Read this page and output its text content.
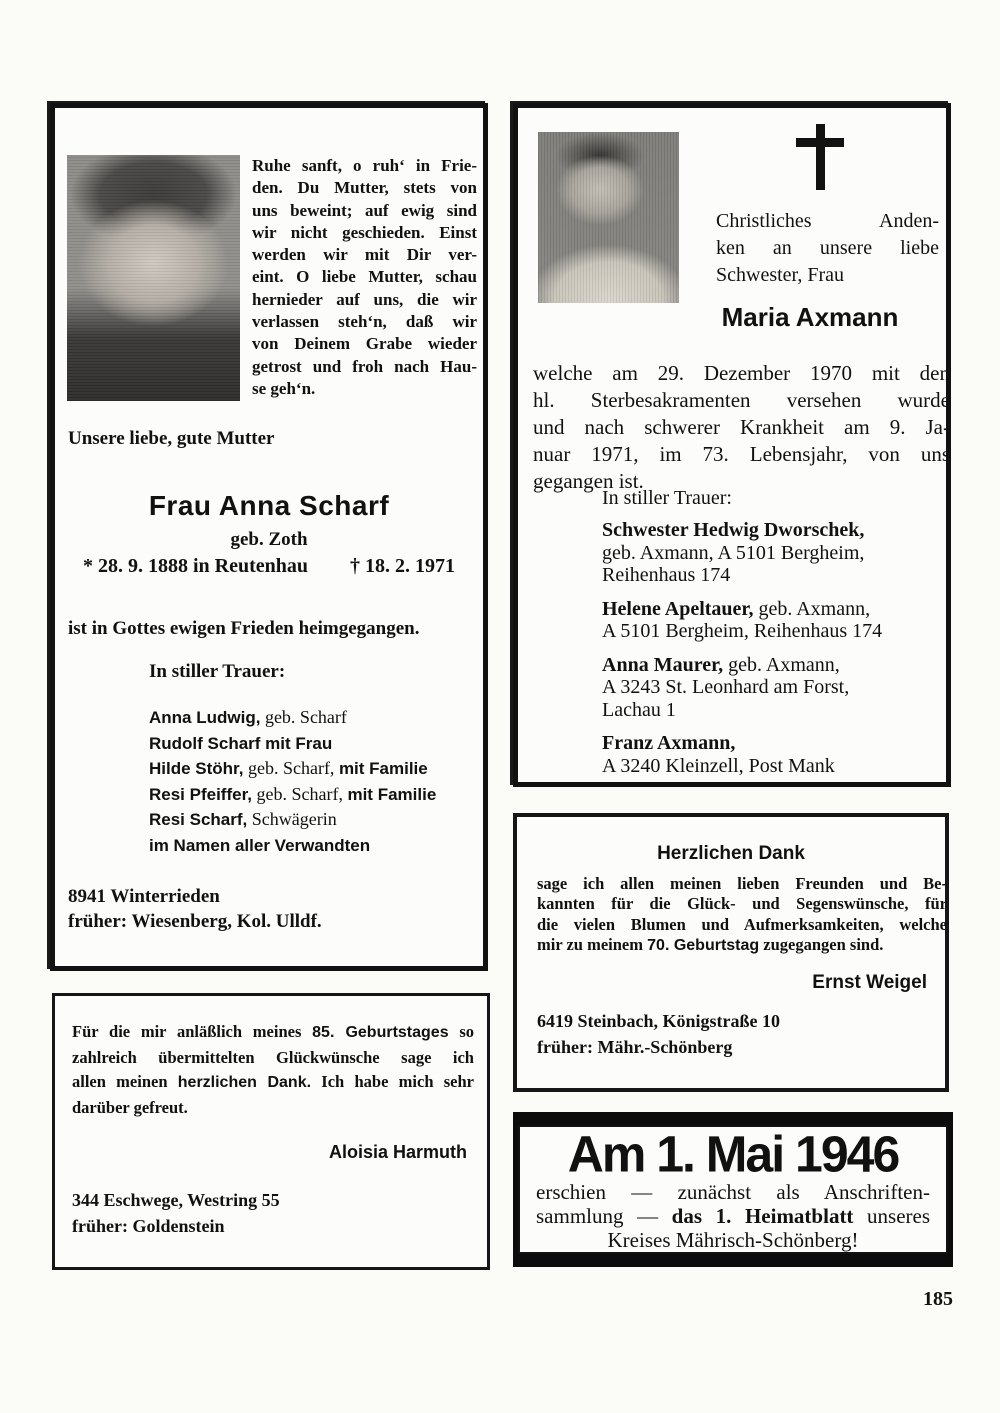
Ruhe sanft, o ruh‘ in Frie-
den. Du Mutter, stets von
uns beweint; auf ewig sind
wir nicht geschieden. Einst
werden wir mit Dir ver-
eint. O liebe Mutter, schau
hernieder auf uns, die wir
verlassen steh‘n, daß wir
von Deinem Grabe wieder
getrost und froh nach Hau-
se geh‘n.
Unsere liebe, gute Mutter
Frau Anna Scharf
geb. Zoth
* 28. 9. 1888 in Reutenhau † 18. 2. 1971
ist in Gottes ewigen Frieden heimgegangen.
In stiller Trauer:
Anna Ludwig, geb. Scharf
Rudolf Scharf mit Frau
Hilde Stöhr, geb. Scharf, mit Familie
Resi Pfeiffer, geb. Scharf, mit Familie
Resi Scharf, Schwägerin
im Namen aller Verwandten
8941 Winterrieden
früher: Wiesenberg, Kol. Ulldf.
Christliches Anden-
ken an unsere liebe
Schwester, Frau
Maria Axmann
welche am 29. Dezember 1970 mit den
hl. Sterbesakramenten versehen wurde
und nach schwerer Krankheit am 9. Ja-
nuar 1971, im 73. Lebensjahr, von uns
gegangen ist.
In stiller Trauer:
Schwester Hedwig Dworschek,
geb. Axmann, A 5101 Bergheim,
Reihenhaus 174
Helene Apeltauer, geb. Axmann,
A 5101 Bergheim, Reihenhaus 174
Anna Maurer, geb. Axmann,
A 3243 St. Leonhard am Forst,
Lachau 1
Franz Axmann,
A 3240 Kleinzell, Post Mank
Herzlichen Dank
sage ich allen meinen lieben Freunden und Be-
kannten für die Glück- und Segenswünsche, für
die vielen Blumen und Aufmerksamkeiten, welche
mir zu meinem 70. Geburtstag zugegangen sind.
Ernst Weigel
6419 Steinbach, Königstraße 10
früher: Mähr.-Schönberg
Für die mir anläßlich meines 85. Geburtstages so
zahlreich übermittelten Glückwünsche sage ich
allen meinen herzlichen Dank. Ich habe mich sehr
darüber gefreut.
Aloisia Harmuth
344 Eschwege, Westring 55
früher: Goldenstein
Am 1. Mai 1946
erschien — zunächst als Anschriften-
sammlung — das 1. Heimatblatt unseres
Kreises Mährisch-Schönberg!
185
